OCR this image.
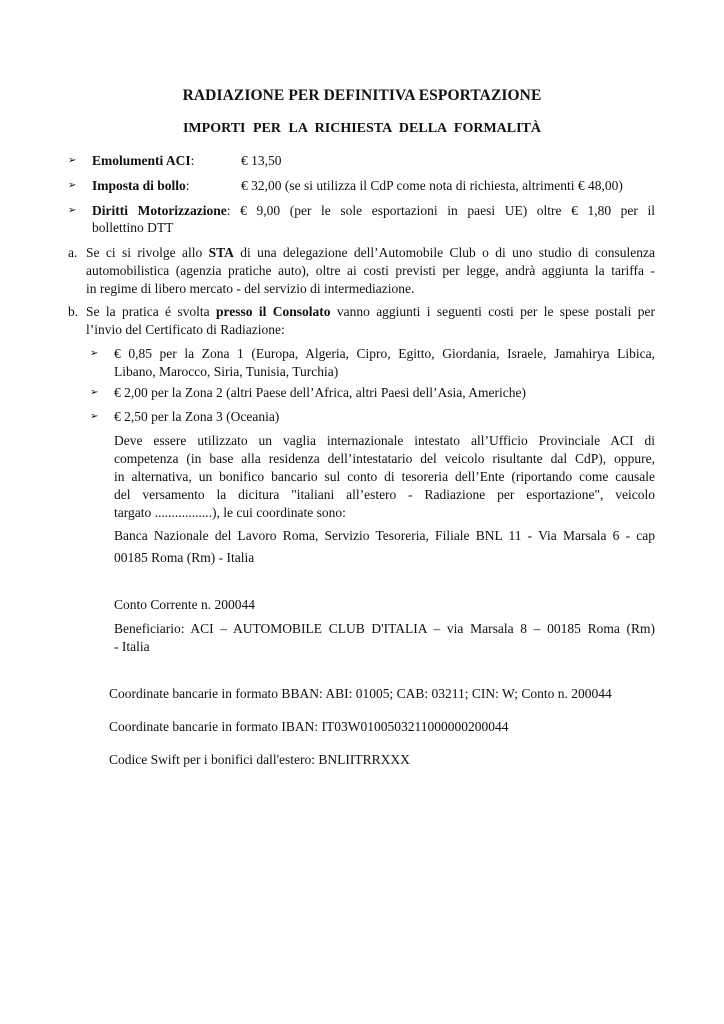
RADIAZIONE PER DEFINITIVA ESPORTAZIONE
IMPORTI PER LA RICHIESTA DELLA FORMALITÀ
➢ Emolumenti ACI:	€ 13,50
➢ Imposta di bollo:	€ 32,00 (se si utilizza il CdP come nota di richiesta, altrimenti € 48,00)
➢ Diritti Motorizzazione: € 9,00 (per le sole esportazioni in paesi UE) oltre € 1,80 per il
bollettino DTT
a. Se ci si rivolge allo STA di una delegazione dell’Automobile Club o di uno studio di consulenza
automobilistica (agenzia pratiche auto), oltre ai costi previsti per legge, andrà aggiunta la tariffa -
in regime di libero mercato - del servizio di intermediazione.
b. Se la pratica é svolta presso il Consolato vanno aggiunti i seguenti costi per le spese postali per
l’invio del Certificato di Radiazione:
➢ € 0,85 per la Zona 1 (Europa, Algeria, Cipro, Egitto, Giordania, Israele, Jamahirya Libica,
Libano, Marocco, Siria, Tunisia, Turchia)
➢ € 2,00 per la Zona 2 (altri Paese dell’Africa, altri Paesi dell’Asia, Americhe)
➢ € 2,50 per la Zona 3 (Oceania)
Deve essere utilizzato un vaglia internazionale intestato all’Ufficio Provinciale ACI di
competenza (in base alla residenza dell’intestatario del veicolo risultante dal CdP), oppure,
in alternativa, un bonifico bancario sul conto di tesoreria dell’Ente (riportando come causale
del versamento la dicitura "italiani all’estero - Radiazione per esportazione", veicolo
targato .................), le cui coordinate sono:
Banca Nazionale del Lavoro Roma, Servizio Tesoreria, Filiale BNL 11 - Via Marsala 6 - cap
00185 Roma (Rm) - Italia
Conto Corrente n. 200044
Beneficiario: ACI – AUTOMOBILE CLUB D'ITALIA – via Marsala 8 – 00185 Roma (Rm)
- Italia
Coordinate bancarie in formato BBAN: ABI: 01005; CAB: 03211; CIN: W; Conto n. 200044
Coordinate bancarie in formato IBAN: IT03W0100503211000000200044
Codice Swift per i bonifici dall'estero: BNLIITRRXXX
